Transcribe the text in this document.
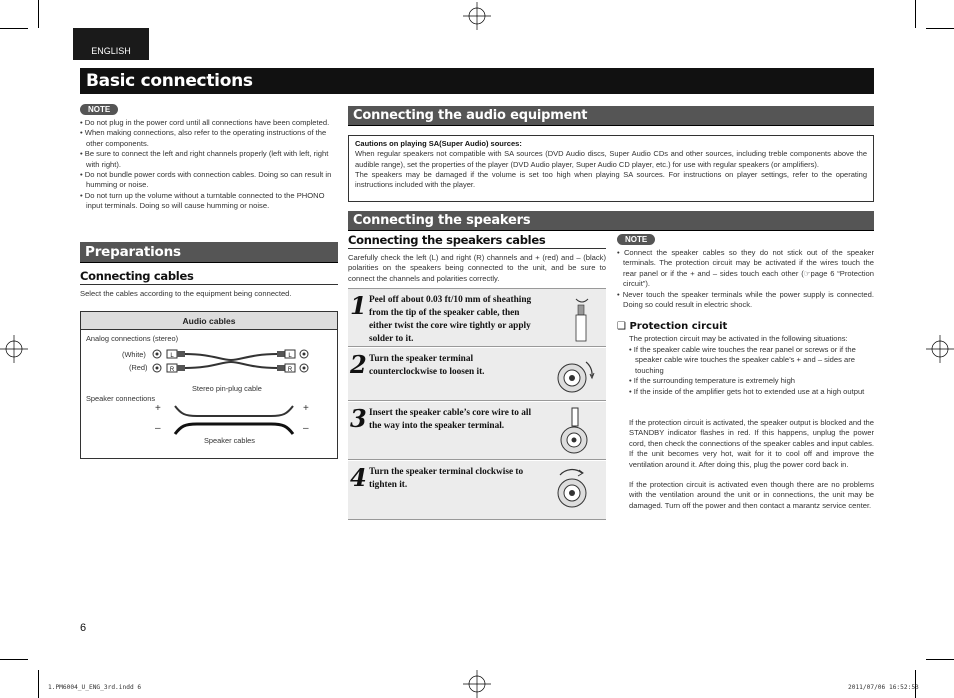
ENGLISH
Basic connections
NOTE
• Do not plug in the power cord until all connections have been completed.
• When making connections, also refer to the operating instructions of the other components.
• Be sure to connect the left and right channels properly (left with left, right with right).
• Do not bundle power cords with connection cables. Doing so can result in humming or noise.
• Do not turn up the volume without a turntable connected to the PHONO input terminals. Doing so will cause humming or noise.
Preparations
Connecting cables
Select the cables according to the equipment being connected.
Audio cables
Analog connections (stereo)
(White)
(Red)
L
R
L
R
Stereo pin-plug cable
Speaker connections
+
–
+
–
Speaker cables
Connecting the audio equipment
Cautions on playing SA(Super Audio) sources:
When regular speakers not compatible with SA sources (DVD Audio discs, Super Audio CDs and other sources, including treble components above the audible range), set the properties of the player (DVD Audio player, Super Audio CD player, etc.) for use with regular speakers (or amplifiers).
The speakers may be damaged if the volume is set too high when playing SA sources. For instructions on player settings, refer to the operating instructions included with the player.
Connecting the speakers
Connecting the speakers cables
Carefully check the left (L) and right (R) channels and + (red) and – (black) polarities on the speakers being connected to the unit, and be sure to connect the channels and polarities correctly.
1 Peel off about 0.03 ft/10 mm of sheathing from the tip of the speaker cable, then either twist the core wire tightly or apply solder to it.
2 Turn the speaker terminal counterclockwise to loosen it.
3 Insert the speaker cable’s core wire to all the way into the speaker terminal.
4 Turn the speaker terminal clockwise to tighten it.
NOTE
• Connect the speaker cables so they do not stick out of the speaker terminals. The protection circuit may be activated if the wires touch the rear panel or if the + and – sides touch each other (☞page 6 “Protection circuit”).
• Never touch the speaker terminals while the power supply is connected. Doing so could result in electric shock.
❑ Protection circuit
The protection circuit may be activated in the following situations:
• If the speaker cable wire touches the rear panel or screws or if the speaker cable wire touches the speaker cable’s + and – sides are touching
• If the surrounding temperature is extremely high
• If the inside of the amplifier gets hot to extended use at a high output
If the protection circuit is activated, the speaker output is blocked and the STANDBY indicator flashes in red. If this happens, unplug the power cord, then check the connections of the speaker cables and input cables. If the unit becomes very hot, wait for it to cool off and improve the ventilation around it. After doing this, plug the power cord back in.
If the protection circuit is activated even though there are no problems with the ventilation around the unit or in connections, the unit may be damaged. Turn off the power and then contact a marantz service center.
6
1.PM6004_U_ENG_3rd.indd 6	2011/07/06 16:52:53
